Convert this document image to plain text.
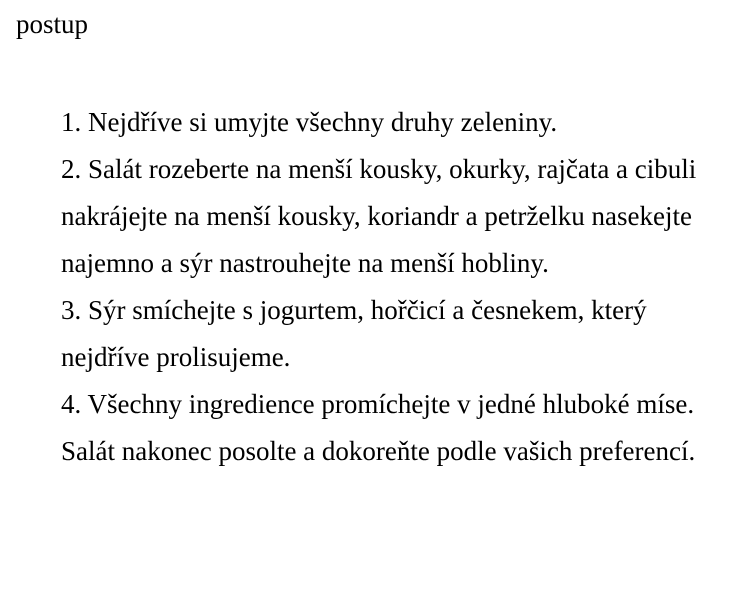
postup
1. Nejdříve si umyjte všechny druhy zeleniny.
2. Salát rozeberte na menší kousky, okurky, rajčata a cibuli nakrájejte na menší kousky, koriandr a petrželku nasekejte najemno a sýr nastrouhejte na menší hobliny.
3. Sýr smíchejte s jogurtem, hořčicí a česnekem, který nejdříve prolisujeme.
4. Všechny ingredience promíchejte v jedné hluboké míse. Salát nakonec posolte a dokoreňte podle vašich preferencí.
